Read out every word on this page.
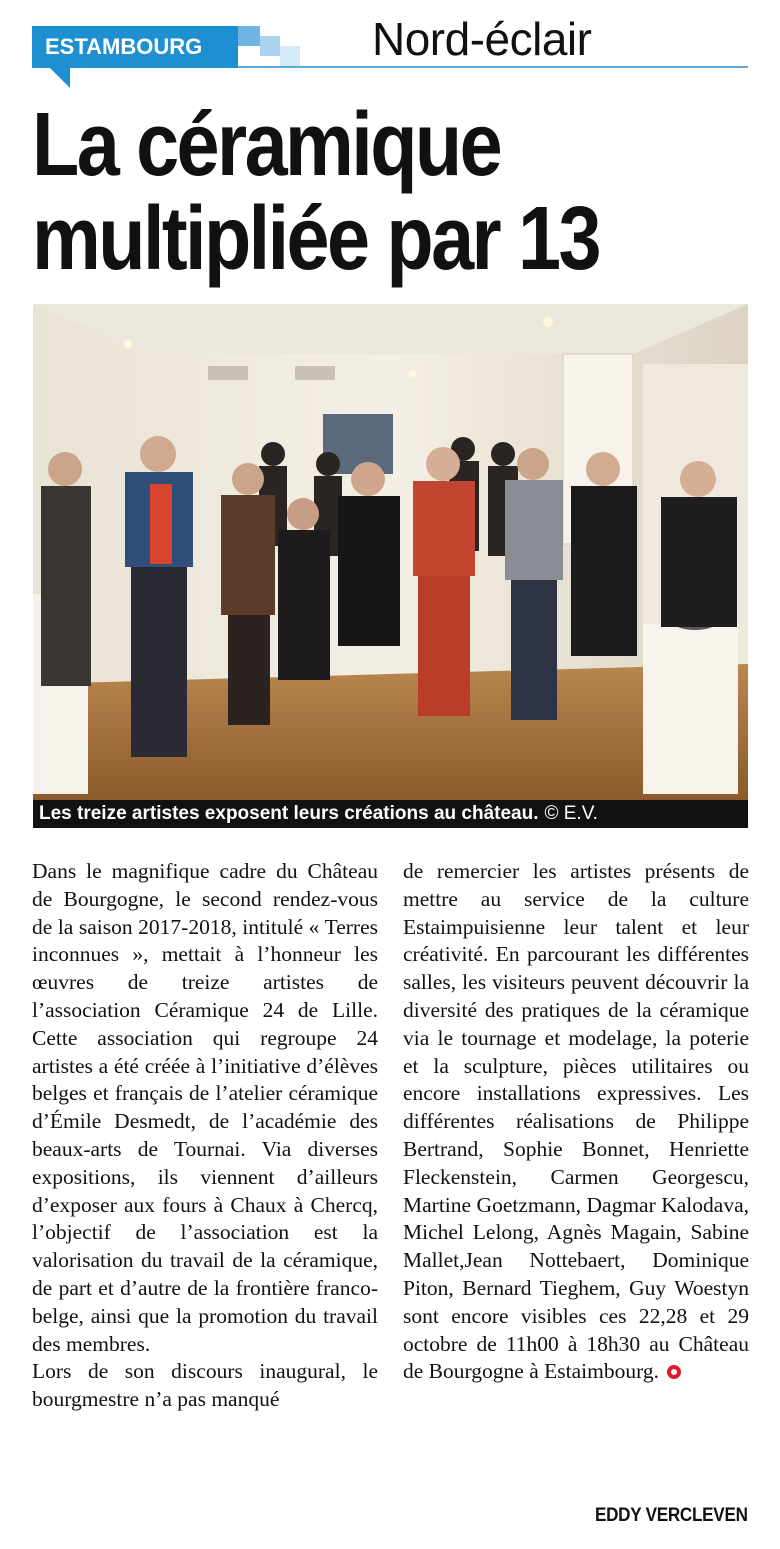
ESTAMBOURG	Nord-éclair
La céramique
multipliée par 13
Les treize artistes exposent leurs créations au château. © E.V.

Dans le magnifique cadre du Château de Bourgogne, le second rendez-vous de la saison 2017-2018, intitulé « Terres inconnues », mettait à l’honneur les œuvres de treize artistes de l’association Céramique 24 de Lille. Cette association qui regroupe 24 artistes a été créée à l’initiative d’élèves belges et français de l’atelier céramique d’Émile Desmedt, de l’académie des beaux-arts de Tournai. Via diverses expositions, ils viennent d’ailleurs d’exposer aux fours à Chaux à Chercq, l’objectif de l’association est la valorisation du travail de la céramique, de part et d’autre de la frontière franco-belge, ainsi que la promotion du travail des membres.

Lors de son discours inaugural, le bourgmestre n’a pas manqué

de remercier les artistes présents de mettre au service de la culture Estaimpuisienne leur talent et leur créativité. En parcourant les différentes salles, les visiteurs peuvent découvrir la diversité des pratiques de la céramique via le tournage et modelage, la poterie et la sculpture, pièces utilitaires ou encore installations expressives. Les différentes réalisations de Philippe Bertrand, Sophie Bonnet, Henriette Fleckenstein, Carmen Georgescu, Martine Goetzmann, Dagmar Kalodava, Michel Lelong, Agnès Magain, Sabine Mallet,Jean Nottebaert, Dominique Piton, Bernard Tieghem, Guy Woestyn sont encore visibles ces 22,28 et 29 octobre de 11h00 à 18h30 au Château de Bourgogne à Estaimbourg.

EDDY VERCLEVEN
